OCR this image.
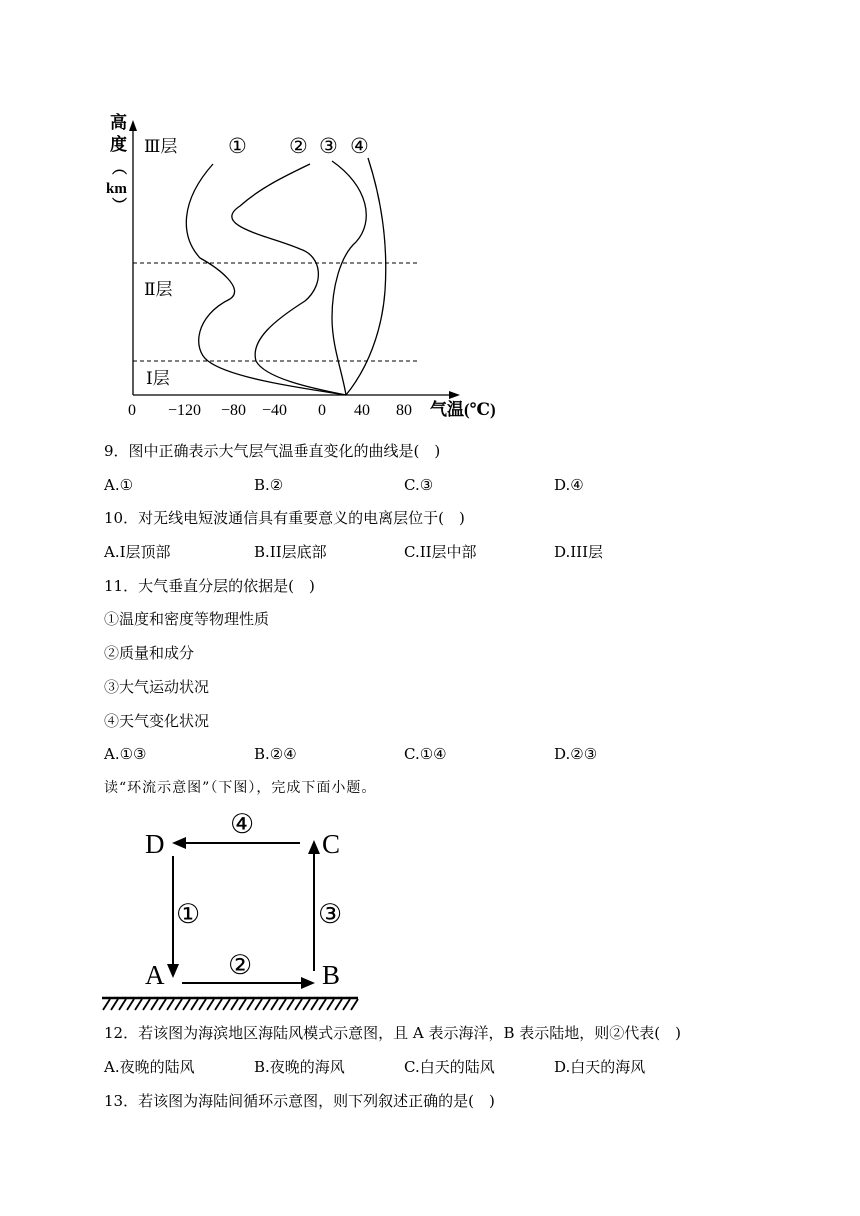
高
度
（
km
）
Ⅲ层
Ⅱ层
Ⅰ层
① ② ③ ④
0 −120 −80 −40 0 40 80 气温(℃)
9．图中正确表示大气层气温垂直变化的曲线是(　)
A.①	B.②	C.③	D.④
10．对无线电短波通信具有重要意义的电离层位于(　)
A.I层顶部	B.II层底部	C.II层中部	D.III层
11．大气垂直分层的依据是(　)
①温度和密度等物理性质
②质量和成分
③大气运动状况
④天气变化状况
A.①③	B.②④	C.①④	D.②③
读“环流示意图”（下图），完成下面小题。
D	C
A	B
④
①	③
②
12．若该图为海滨地区海陆风模式示意图，且 A 表示海洋，B 表示陆地，则②代表(　)
A.夜晚的陆风	B.夜晚的海风	C.白天的陆风	D.白天的海风
13．若该图为海陆间循环示意图，则下列叙述正确的是(　)
